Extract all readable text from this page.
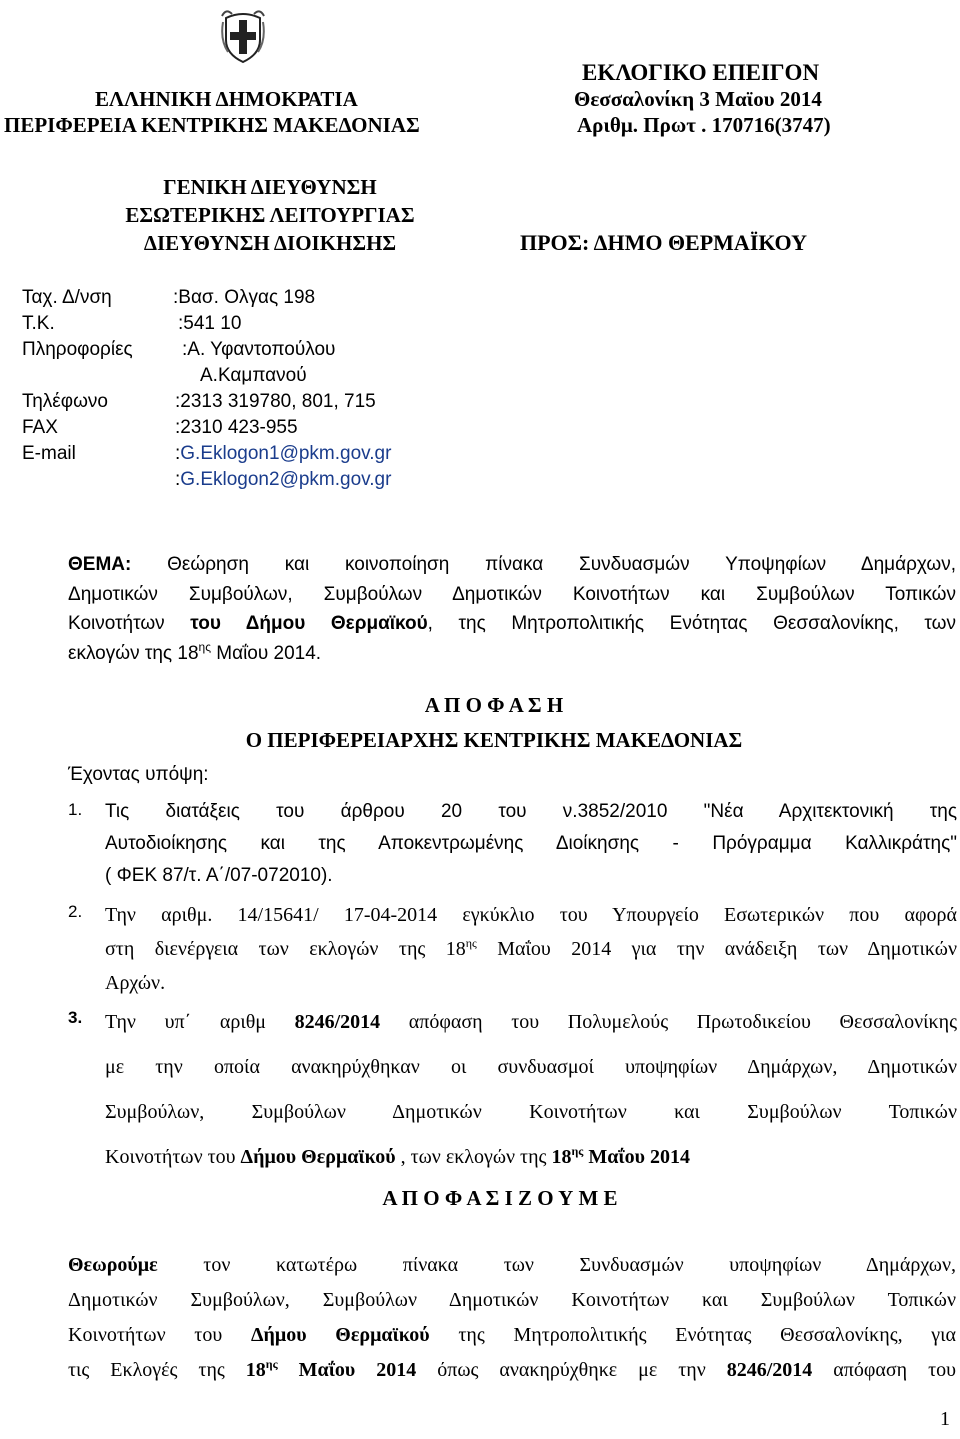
ΕΛΛΗΝΙΚΗ ΔΗΜΟΚΡΑΤΙΑ
ΠΕΡΙΦΕΡΕΙΑ ΚΕΝΤΡΙΚΗΣ ΜΑΚΕΔΟΝΙΑΣ
ΓΕΝΙΚΗ ΔΙΕΥΘΥΝΣΗ
ΕΣΩΤΕΡΙΚΗΣ ΛΕΙΤΟΥΡΓΙΑΣ
ΔΙΕΥΘΥΝΣΗ ΔΙΟΙΚΗΣΗΣ
ΕΚΛΟΓΙΚΟ ΕΠΕΙΓΟΝ
Θεσσαλονίκη 3 Μαϊου 2014
Αριθμ. Πρωτ . 170716(3747)
ΠΡΟΣ: ΔΗΜΟ ΘΕΡΜΑΪΚΟΥ
Ταχ. Δ/νση	:Βασ. Ολγας 198
Τ.Κ.	:541 10
Πληροφορίες	:Α. Υφαντοπούλου
Α.Καμπανού
Τηλέφωνο	:2313 319780, 801, 715
FAX	:2310 423-955
E-mail	:G.Eklogon1@pkm.gov.gr
:G.Eklogon2@pkm.gov.gr
ΘΕΜΑ: Θεώρηση και κοινοποίηση πίνακα Συνδυασμών Υποψηφίων Δημάρχων,
Δημοτικών Συμβούλων, Συμβούλων Δημοτικών Κοινοτήτων και Συμβούλων Τοπικών
Κοινοτήτων του Δήμου Θερμαϊκού, της Μητροπολιτικής Ενότητας Θεσσαλονίκης, των
εκλογών της $18^{\eta\varsigma}$ Μαΐου 2014.
Α Π Ο Φ Α Σ Η
Ο ΠΕΡΙΦΕΡΕΙΑΡΧΗΣ ΚΕΝΤΡΙΚΗΣ ΜΑΚΕΔΟΝΙΑΣ
Έχοντας υπόψη:
1. Τις διατάξεις του άρθρου 20 του ν.3852/2010 "Νέα Αρχιτεκτονική της
Αυτοδιοίκησης και της Αποκεντρωμένης Διοίκησης - Πρόγραμμα Καλλικράτης"
( ΦΕΚ 87/τ. Α΄/07-072010).
2. Την αριθμ. 14/15641/ 17-04-2014 εγκύκλιο του Υπουργείο Εσωτερικών που αφορά
στη διενέργεια των εκλογών της $18^{\eta\varsigma}$ Μαΐου 2014 για την ανάδειξη των Δημοτικών
Αρχών.
3. Την υπ΄ αριθμ 8246/2014 απόφαση του Πολυμελούς Πρωτοδικείου Θεσσαλονίκης
με την οποία ανακηρύχθηκαν οι συνδυασμοί υποψηφίων Δημάρχων, Δημοτικών
Συμβούλων, Συμβούλων Δημοτικών Κοινοτήτων και Συμβούλων Τοπικών
Κοινοτήτων του Δήμου Θερμαϊκού , των εκλογών της $18^{\eta\varsigma}$ Μαΐου 2014
Α Π Ο Φ Α Σ Ι Ζ Ο Υ Μ Ε
Θεωρούμε τον κατωτέρω πίνακα των Συνδυασμών υποψηφίων Δημάρχων,
Δημοτικών Συμβούλων, Συμβούλων Δημοτικών Κοινοτήτων και Συμβούλων Τοπικών
Κοινοτήτων του Δήμου Θερμαϊκού της Μητροπολιτικής Ενότητας Θεσσαλονίκης, για
τις Εκλογές της $18^{\eta\varsigma}$ Μαΐου 2014 όπως ανακηρύχθηκε με την 8246/2014 απόφαση του
1
